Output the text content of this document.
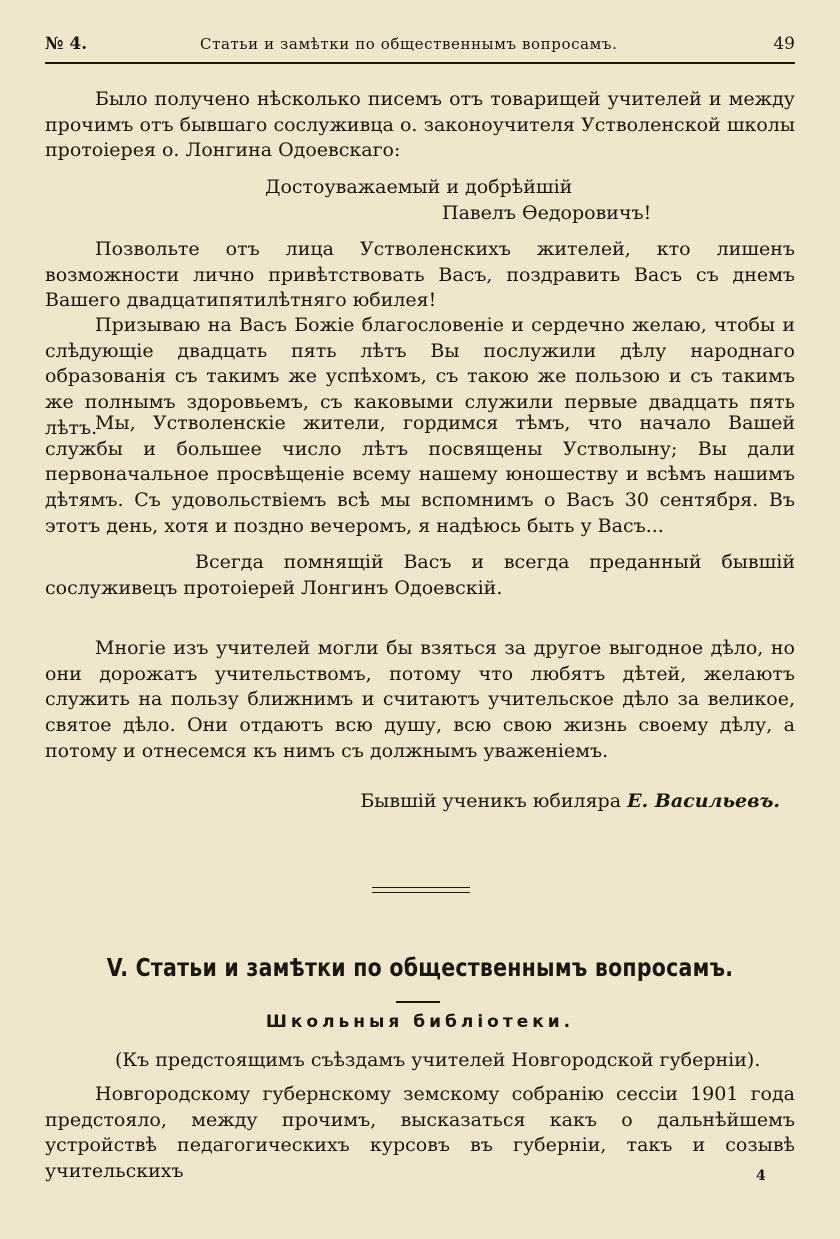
№ 4.	Статьи и замѣтки по общественнымъ вопросамъ.	49

Было получено нѣсколько писемъ отъ товарищей учителей и между прочимъ отъ бывшаго сослуживца о. законоучителя Устволенской школы протоіерея о. Лонгина Одоевскаго:

Достоуважаемый и добрѣйшій
Павелъ Ѳедоровичъ!

Позвольте отъ лица Устволенскихъ жителей, кто лишенъ возможности лично привѣтствовать Васъ, поздравить Васъ съ днемъ Вашего двадцатипятилѣтняго юбилея!

Призываю на Васъ Божіе благословеніе и сердечно желаю, чтобы и слѣдующіе двадцать пять лѣтъ Вы послужили дѣлу народнаго образованія съ такимъ же успѣхомъ, съ такою же пользою и съ такимъ же полнымъ здоровьемъ, съ каковыми служили первые двадцать пять лѣтъ.

Мы, Устволенскіе жители, гордимся тѣмъ, что начало Вашей службы и большее число лѣтъ посвящены Устволыну; Вы дали первоначальное просвѣщеніе всему нашему юношеству и всѣмъ нашимъ дѣтямъ. Съ удовольствіемъ всѣ мы вспомнимъ о Васъ 30 сентября. Въ этотъ день, хотя и поздно вечеромъ, я надѣюсь быть у Васъ...

Всегда помнящій Васъ и всегда преданный бывшій сослуживецъ протоіерей Лонгинъ Одоевскій.

Многіе изъ учителей могли бы взяться за другое выгодное дѣло, но они дорожатъ учительствомъ, потому что любятъ дѣтей, желаютъ служить на пользу ближнимъ и считаютъ учительское дѣло за великое, святое дѣло. Они отдаютъ всю душу, всю свою жизнь своему дѣлу, а потому и отнесемся къ нимъ съ должнымъ уваженіемъ.

Бывшій ученикъ юбиляра Е. Васильевъ.

V. Статьи и замѣтки по общественнымъ вопросамъ.
Школьныя библіотеки.

(Къ предстоящимъ съѣздамъ учителей Новгородской губерніи).

Новгородскому губернскому земскому собранію сессіи 1901 года предстояло, между прочимъ, высказаться какъ о дальнѣйшемъ устройствѣ педагогическихъ курсовъ въ губерніи, такъ и созывѣ учительскихъ	4
